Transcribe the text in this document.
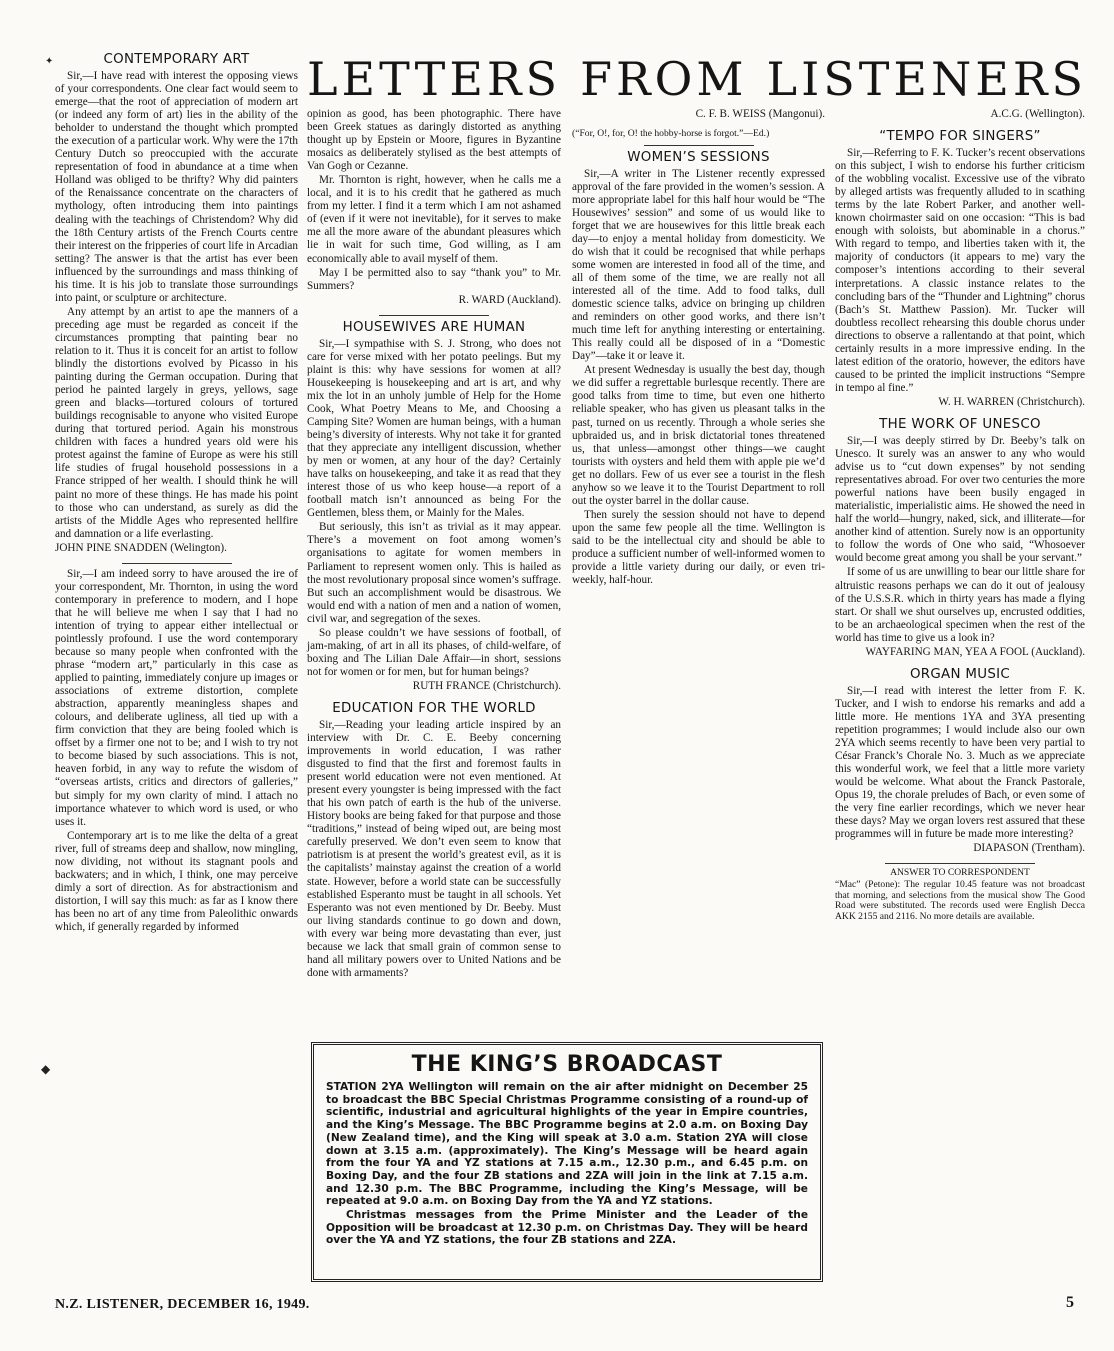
LETTERS FROM LISTENERS
CONTEMPORARY ART

Sir,—I have read with interest the opposing views of your correspondents. One clear fact would seem to emerge—that the root of appreciation of modern art (or indeed any form of art) lies in the ability of the beholder to understand the thought which prompted the execution of a particular work. Why were the 17th Century Dutch so preoccupied with the accurate representation of food in abundance at a time when Holland was obliged to be thrifty? Why did painters of the Renaissance concentrate on the characters of mythology, often introducing them into paintings dealing with the teachings of Christendom? Why did the 18th Century artists of the French Courts centre their interest on the fripperies of court life in Arcadian setting? The answer is that the artist has ever been influenced by the surroundings and mass thinking of his time. It is his job to translate those surroundings into paint, or sculpture or architecture.

Any attempt by an artist to ape the manners of a preceding age must be regarded as conceit if the circumstances prompting that painting bear no relation to it. Thus it is conceit for an artist to follow blindly the distortions evolved by Picasso in his painting during the German occupation. During that period he painted largely in greys, yellows, sage green and blacks—tortured colours of tortured buildings recognisable to anyone who visited Europe during that tortured period. Again his monstrous children with faces a hundred years old were his protest against the famine of Europe as were his still life studies of frugal household possessions in a France stripped of her wealth. I should think he will paint no more of these things. He has made his point to those who can understand, as surely as did the artists of the Middle Ages who represented hellfire and damnation or a life everlasting.

JOHN PINE SNADDEN (Welington).

Sir,—I am indeed sorry to have aroused the ire of your correspondent, Mr. Thornton, in using the word contemporary in preference to modern, and I hope that he will believe me when I say that I had no intention of trying to appear either intellectual or pointlessly profound. I use the word contemporary because so many people when confronted with the phrase “modern art,” particularly in this case as applied to painting, immediately conjure up images or associations of extreme distortion, complete abstraction, apparently meaningless shapes and colours, and deliberate ugliness, all tied up with a firm conviction that they are being fooled which is offset by a firmer one not to be; and I wish to try not to become biased by such associations. This is not, heaven forbid, in any way to refute the wisdom of “overseas artists, critics and directors of galleries,” but simply for my own clarity of mind. I attach no importance whatever to which word is used, or who uses it.

Contemporary art is to me like the delta of a great river, full of streams deep and shallow, now mingling, now dividing, not without its stagnant pools and backwaters; and in which, I think, one may perceive dimly a sort of direction. As for abstractionism and distortion, I will say this much: as far as I know there has been no art of any time from Paleolithic onwards which, if generally regarded by informed

opinion as good, has been photographic. There have been Greek statues as daringly distorted as anything thought up by Epstein or Moore, figures in Byzantine mosaics as deliberately stylised as the best attempts of Van Gogh or Cezanne.

Mr. Thornton is right, however, when he calls me a local, and it is to his credit that he gathered as much from my letter. I find it a term which I am not ashamed of (even if it were not inevitable), for it serves to make me all the more aware of the abundant pleasures which lie in wait for such time, God willing, as I am economically able to avail myself of them.

May I be permitted also to say “thank you” to Mr. Summers?

R. WARD (Auckland).

HOUSEWIVES ARE HUMAN

Sir,—I sympathise with S. J. Strong, who does not care for verse mixed with her potato peelings. But my plaint is this: why have sessions for women at all? Housekeeping is housekeeping and art is art, and why mix the lot in an unholy jumble of Help for the Home Cook, What Poetry Means to Me, and Choosing a Camping Site? Women are human beings, with a human being’s diversity of interests. Why not take it for granted that they appreciate any intelligent discussion, whether by men or women, at any hour of the day? Certainly have talks on housekeeping, and take it as read that they interest those of us who keep house—a report of a football match isn’t announced as being For the Gentlemen, bless them, or Mainly for the Males.

But seriously, this isn’t as trivial as it may appear. There’s a movement on foot among women’s organisations to agitate for women members in Parliament to represent women only. This is hailed as the most revolutionary proposal since women’s suffrage. But such an accomplishment would be disastrous. We would end with a nation of men and a nation of women, civil war, and segregation of the sexes.

So please couldn’t we have sessions of football, of jam-making, of art in all its phases, of child-welfare, of boxing and The Lilian Dale Affair—in short, sessions not for women or for men, but for human beings?

RUTH FRANCE (Christchurch).

EDUCATION FOR THE WORLD

Sir,—Reading your leading article inspired by an interview with Dr. C. E. Beeby concerning improvements in world education, I was rather disgusted to find that the first and foremost faults in present world education were not even mentioned. At present every youngster is being impressed with the fact that his own patch of earth is the hub of the universe. History books are being faked for that purpose and those “traditions,” instead of being wiped out, are being most carefully preserved. We don’t even seem to know that patriotism is at present the world’s greatest evil, as it is the capitalists’ mainstay against the creation of a world state. However, before a world state can be successfully established Esperanto must be taught in all schools. Yet Esperanto was not even mentioned by Dr. Beeby. Must our living standards continue to go down and down, with every war being more devastating than ever, just because we lack that small grain of common sense to hand all military powers over to United Nations and be done with armaments?

C. F. B. WEISS (Mangonui).

(“For, O!, for, O! the hobby-horse is forgot.”—Ed.)

WOMEN’S SESSIONS

Sir,—A writer in The Listener recently expressed approval of the fare provided in the women’s session. A more appropriate label for this half hour would be “The Housewives’ session” and some of us would like to forget that we are housewives for this little break each day—to enjoy a mental holiday from domesticity. We do wish that it could be recognised that while perhaps some women are interested in food all of the time, and all of them some of the time, we are really not all interested all of the time. Add to food talks, dull domestic science talks, advice on bringing up children and reminders on other good works, and there isn’t much time left for anything interesting or entertaining. This really could all be disposed of in a “Domestic Day”—take it or leave it.

At present Wednesday is usually the best day, though we did suffer a regrettable burlesque recently. There are good talks from time to time, but even one hitherto reliable speaker, who has given us pleasant talks in the past, turned on us recently. Through a whole series she upbraided us, and in brisk dictatorial tones threatened us, that unless—amongst other things—we caught tourists with oysters and held them with apple pie we’d get no dollars. Few of us ever see a tourist in the flesh anyhow so we leave it to the Tourist Department to roll out the oyster barrel in the dollar cause.

Then surely the session should not have to depend upon the same few people all the time. Wellington is said to be the intellectual city and should be able to produce a sufficient number of well-informed women to provide a little variety during our daily, or even tri-weekly, half-hour.

A.C.G. (Wellington).

“TEMPO FOR SINGERS”

Sir,—Referring to F. K. Tucker’s recent observations on this subject, I wish to endorse his further criticism of the wobbling vocalist. Excessive use of the vibrato by alleged artists was frequently alluded to in scathing terms by the late Robert Parker, and another well-known choirmaster said on one occasion: “This is bad enough with soloists, but abominable in a chorus.” With regard to tempo, and liberties taken with it, the majority of conductors (it appears to me) vary the composer’s intentions according to their several interpretations. A classic instance relates to the concluding bars of the “Thunder and Lightning” chorus (Bach’s St. Matthew Passion). Mr. Tucker will doubtless recollect rehearsing this double chorus under directions to observe a rallentando at that point, which certainly results in a more impressive ending. In the latest edition of the oratorio, however, the editors have caused to be printed the implicit instructions “Sempre in tempo al fine.”

W. H. WARREN (Christchurch).

THE WORK OF UNESCO

Sir,—I was deeply stirred by Dr. Beeby’s talk on Unesco. It surely was an answer to any who would advise us to “cut down expenses” by not sending representatives abroad. For over two centuries the more powerful nations have been busily engaged in materialistic, imperialistic aims. He showed the need in half the world—hungry, naked, sick, and illiterate—for another kind of attention. Surely now is an opportunity to follow the words of One who said, “Whosoever would become great among you shall be your servant.”

If some of us are unwilling to bear our little share for altruistic reasons perhaps we can do it out of jealousy of the U.S.S.R. which in thirty years has made a flying start. Or shall we shut ourselves up, encrusted oddities, to be an archaeological specimen when the rest of the world has time to give us a look in?

WAYFARING MAN, YEA A FOOL (Auckland).

ORGAN MUSIC

Sir,—I read with interest the letter from F. K. Tucker, and I wish to endorse his remarks and add a little more. He mentions 1YA and 3YA presenting repetition programmes; I would include also our own 2YA which seems recently to have been very partial to César Franck’s Chorale No. 3. Much as we appreciate this wonderful work, we feel that a little more variety would be welcome. What about the Franck Pastorale, Opus 19, the chorale preludes of Bach, or even some of the very fine earlier recordings, which we never hear these days? May we organ lovers rest assured that these programmes will in future be made more interesting?

DIAPASON (Trentham).

ANSWER TO CORRESPONDENT

“Mac” (Petone): The regular 10.45 feature was not broadcast that morning, and selections from the musical show The Good Road were substituted. The records used were English Decca AKK 2155 and 2116. No more details are available.

THE KING’S BROADCAST

STATION 2YA Wellington will remain on the air after midnight on December 25 to broadcast the BBC Special Christmas Programme consisting of a round-up of scientific, industrial and agricultural highlights of the year in Empire countries, and the King’s Message. The BBC Programme begins at 2.0 a.m. on Boxing Day (New Zealand time), and the King will speak at 3.0 a.m. Station 2YA will close down at 3.15 a.m. (approximately). The King’s Message will be heard again from the four YA and YZ stations at 7.15 a.m., 12.30 p.m., and 6.45 p.m. on Boxing Day, and the four ZB stations and 2ZA will join in the link at 7.15 a.m. and 12.30 p.m. The BBC Programme, including the King’s Message, will be repeated at 9.0 a.m. on Boxing Day from the YA and YZ stations.

Christmas messages from the Prime Minister and the Leader of the Opposition will be broadcast at 12.30 p.m. on Christmas Day. They will be heard over the YA and YZ stations, the four ZB stations and 2ZA.

N.Z. LISTENER, DECEMBER 16, 1949.	5
✦
◆
